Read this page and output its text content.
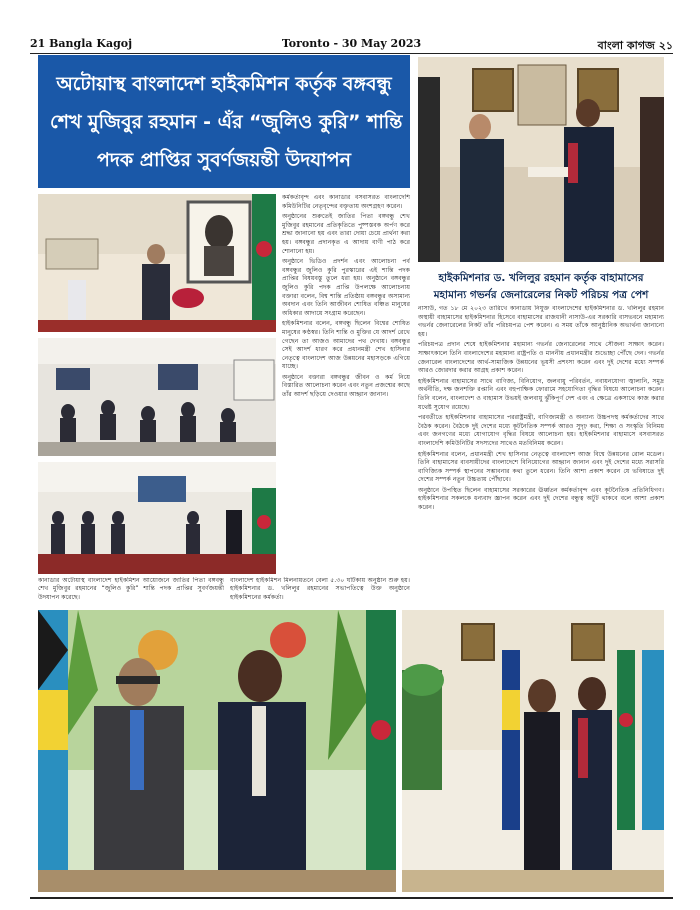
21 Bangla Kagoj	Toronto - 30 May 2023	বাংলা কাগজ ২১
অটোয়াস্থ বাংলাদেশ হাইকমিশন কর্তৃক বঙ্গবন্ধু
শেখ মুজিবুর রহমান - এঁর “জুলিও কুরি” শান্তি
পদক প্রাপ্তির সুবর্ণজয়ন্তী উদযাপন
হাইকমিশনার ড. খলিলুর রহমান কর্তৃক বাহামাসের
মহামান্য গভর্নর জেনারেলের নিকট পরিচয় পত্র পেশ

কর্মকর্তাবৃন্দ এবং কানাডার বসবাসরত বাংলাদেশি কমিউনিটির নেতৃবৃন্দের বক্তৃতায় অংশগ্রহণ করেন।

অনুষ্ঠানের শুরুতেই জাতির পিতা বঙ্গবন্ধু শেখ মুজিবুর রহমানের প্রতিকৃতিতে পুষ্পস্তবক অর্পণ করে শ্রদ্ধা জানানো হয় এবং তারা দোয়া চেয়ে প্রার্থনা করা হয়। বঙ্গবন্ধুর প্রদানকৃত এ আদায় বাণী পাঠ করে শোনানো হয়।

অনুষ্ঠানে ভিডিও প্রদর্শন এবং আলোচনা পর্ব বঙ্গবন্ধুর জুলিও কুরি পুরস্কারের এই শান্তি পদক প্রাপ্তির বিষয়বস্তু তুলে ধরা হয়। অনুষ্ঠানে বঙ্গবন্ধুর জুলিও কুরি পদক প্রাপ্তি উপলক্ষে আলোচনায় বক্তারা বলেন, বিশ্ব শান্তি প্রতিষ্ঠায় বঙ্গবন্ধুর অসামান্য অবদান এবং তিনি আজীবন শোষিত বঞ্চিত মানুষের অধিকার আদায়ে সংগ্রাম করেছেন।

হাইকমিশনার বলেন, বঙ্গবন্ধু ছিলেন বিশ্বের শোষিত মানুষের কণ্ঠস্বর। তিনি শান্তি ও মুক্তির যে আদর্শ রেখে গেছেন তা আজও আমাদের পথ দেখায়। বঙ্গবন্ধুর সেই আদর্শ ধারণ করে প্রধানমন্ত্রী শেখ হাসিনার নেতৃত্বে বাংলাদেশ আজ উন্নয়নের মহাসড়কে এগিয়ে যাচ্ছে।

অনুষ্ঠানে বক্তারা বঙ্গবন্ধুর জীবন ও কর্ম নিয়ে বিস্তারিত আলোচনা করেন এবং নতুন প্রজন্মের কাছে তাঁর আদর্শ ছড়িয়ে দেওয়ার আহ্বান জানান।

কানাডার অটোয়াস্থ বাংলাদেশ হাইকমিশন আয়োজনে জাতির পিতা বঙ্গবন্ধু শেখ মুজিবুর রহমানের “জুলিও কুরি” শান্তি পদক প্রাপ্তির সুবর্ণজয়ন্তী উদযাপন করেছে।
বাংলাদেশ হাইকমিশন মিলনায়তনে বেলা ৫.৩০ ঘটিকায় অনুষ্ঠান শুরু হয়। হাইকমিশনার ড. খলিলুর রহমানের সভাপতিত্বে উক্ত অনুষ্ঠানে হাইকমিশনের কর্মকর্তা।

নাসাউ, গত ১৮ মে ২০২৩ তারিখে কানাডায় নিযুক্ত বাংলাদেশের হাইকমিশনার ড. খলিলুর রহমান অস্থায়ী বাহামাসের হাইকমিশনার হিসেবে বাহামাসের রাজধানী নাসাউ-এর সরকারি বাসভবনে মহামান্য গভর্নর জেনারেলের নিকট তাঁর পরিচয়পত্র পেশ করেন। এ সময় তাঁকে আনুষ্ঠানিক অভ্যর্থনা জানানো হয়।

পরিচয়পত্র প্রদান শেষে হাইকমিশনার মহামান্য গভর্নর জেনারেলের সাথে সৌজন্য সাক্ষাৎ করেন। সাক্ষাৎকালে তিনি বাংলাদেশের মহামান্য রাষ্ট্রপতি ও মাননীয় প্রধানমন্ত্রীর শুভেচ্ছা পৌঁছে দেন। গভর্নর জেনারেল বাংলাদেশের আর্থ-সামাজিক উন্নয়নের ভূয়সী প্রশংসা করেন এবং দুই দেশের মধ্যে সম্পর্ক আরও জোরদার করার আগ্রহ প্রকাশ করেন।

হাইকমিশনার বাহামাসের সাথে বাণিজ্য, বিনিয়োগ, জলবায়ু পরিবর্তন, নবায়নযোগ্য জ্বালানি, সমুদ্র অর্থনীতি, দক্ষ জনশক্তি রপ্তানি এবং বহুপাক্ষিক ফোরামে সহযোগিতা বৃদ্ধির বিষয়ে আলোচনা করেন। তিনি বলেন, বাংলাদেশ ও বাহামাস উভয়ই জলবায়ু ঝুঁকিপূর্ণ দেশ এবং এ ক্ষেত্রে একসাথে কাজ করার যথেষ্ট সুযোগ রয়েছে।

পরবর্তীতে হাইকমিশনার বাহামাসের পররাষ্ট্রমন্ত্রী, বাণিজ্যমন্ত্রী ও অন্যান্য উচ্চপদস্থ কর্মকর্তাদের সাথে বৈঠক করেন। বৈঠকে দুই দেশের মধ্যে কূটনৈতিক সম্পর্ক আরও সুদৃঢ় করা, শিক্ষা ও সংস্কৃতি বিনিময় এবং জনগণের মধ্যে যোগাযোগ বৃদ্ধির বিষয়ে আলোচনা হয়। হাইকমিশনার বাহামাসে বসবাসরত বাংলাদেশি কমিউনিটির সদস্যদের সাথেও মতবিনিময় করেন।

হাইকমিশনার বলেন, প্রধানমন্ত্রী শেখ হাসিনার নেতৃত্বে বাংলাদেশ আজ বিশ্বে উন্নয়নের রোল মডেল। তিনি বাহামাসের ব্যবসায়ীদের বাংলাদেশে বিনিয়োগের আহ্বান জানান এবং দুই দেশের মধ্যে সরাসরি বাণিজ্যিক সম্পর্ক স্থাপনের সম্ভাবনার কথা তুলে ধরেন। তিনি আশা প্রকাশ করেন যে ভবিষ্যতে দুই দেশের সম্পর্ক নতুন উচ্চতায় পৌঁছাবে।

অনুষ্ঠানে উপস্থিত ছিলেন বাহামাসের সরকারের ঊর্ধ্বতন কর্মকর্তাবৃন্দ এবং কূটনৈতিক প্রতিনিধিগণ। হাইকমিশনার সকলকে ধন্যবাদ জ্ঞাপন করেন এবং দুই দেশের বন্ধুত্ব অটুট থাকবে বলে আশা প্রকাশ করেন।
